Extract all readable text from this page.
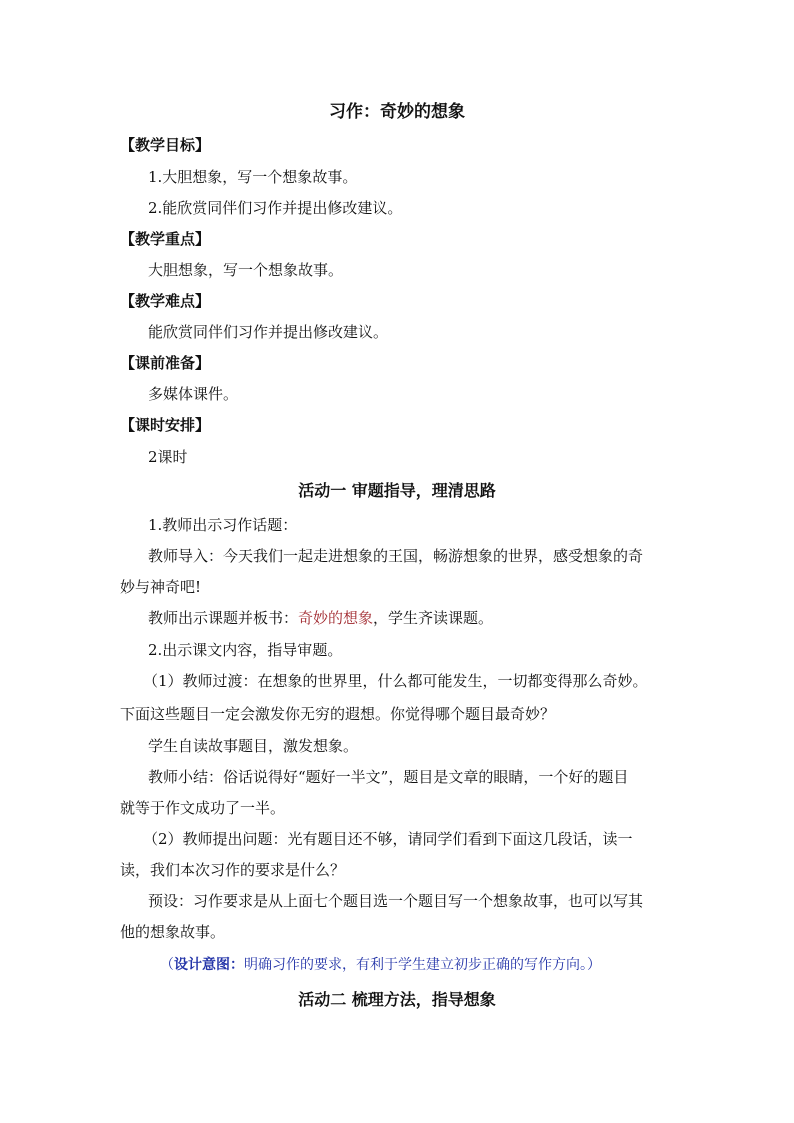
习作：奇妙的想象
【教学目标】
1.大胆想象，写一个想象故事。
2.能欣赏同伴们习作并提出修改建议。
【教学重点】
大胆想象，写一个想象故事。
【教学难点】
能欣赏同伴们习作并提出修改建议。
【课前准备】
多媒体课件。
【课时安排】
2课时
活动一 审题指导，理清思路
1.教师出示习作话题：
教师导入：今天我们一起走进想象的王国，畅游想象的世界，感受想象的奇
妙与神奇吧!
教师出示课题并板书：奇妙的想象，学生齐读课题。
2.出示课文内容，指导审题。
（1）教师过渡：在想象的世界里，什么都可能发生，一切都变得那么奇妙。
下面这些题目一定会激发你无穷的遐想。你觉得哪个题目最奇妙？
学生自读故事题目，激发想象。
教师小结：俗话说得好“题好一半文”，题目是文章的眼睛，一个好的题目
就等于作文成功了一半。
（2）教师提出问题：光有题目还不够，请同学们看到下面这几段话，读一
读，我们本次习作的要求是什么？
预设：习作要求是从上面七个题目选一个题目写一个想象故事，也可以写其
他的想象故事。
（设计意图：明确习作的要求，有利于学生建立初步正确的写作方向。）
活动二 梳理方法，指导想象
